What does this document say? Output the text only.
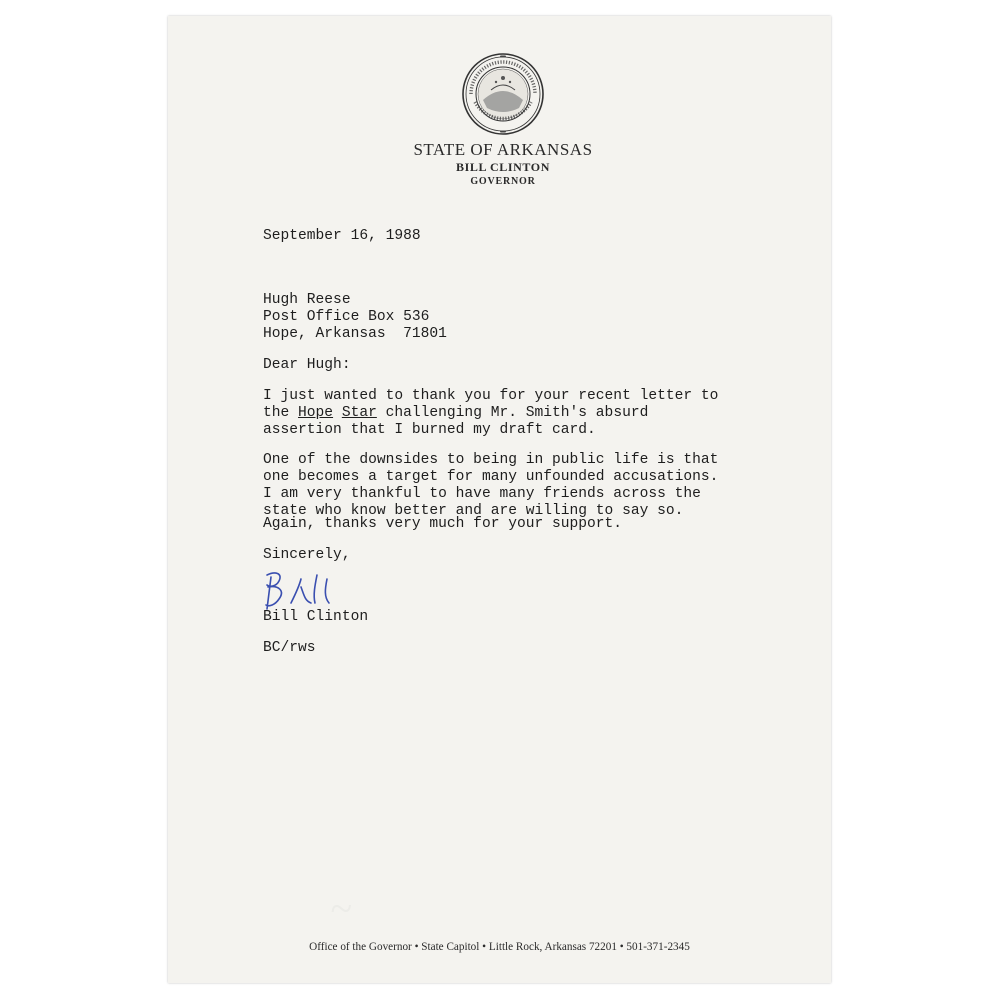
STATE OF ARKANSAS
BILL CLINTON
GOVERNOR
September 16, 1988
Hugh Reese
Post Office Box 536
Hope, Arkansas  71801
Dear Hugh:
I just wanted to thank you for your recent letter to
the Hope Star challenging Mr. Smith's absurd
assertion that I burned my draft card.
One of the downsides to being in public life is that
one becomes a target for many unfounded accusations.
I am very thankful to have many friends across the
state who know better and are willing to say so.
Again, thanks very much for your support.
Sincerely,
Bill Clinton
BC/rws
~
Office of the Governor • State Capitol • Little Rock, Arkansas 72201 • 501-371-2345
